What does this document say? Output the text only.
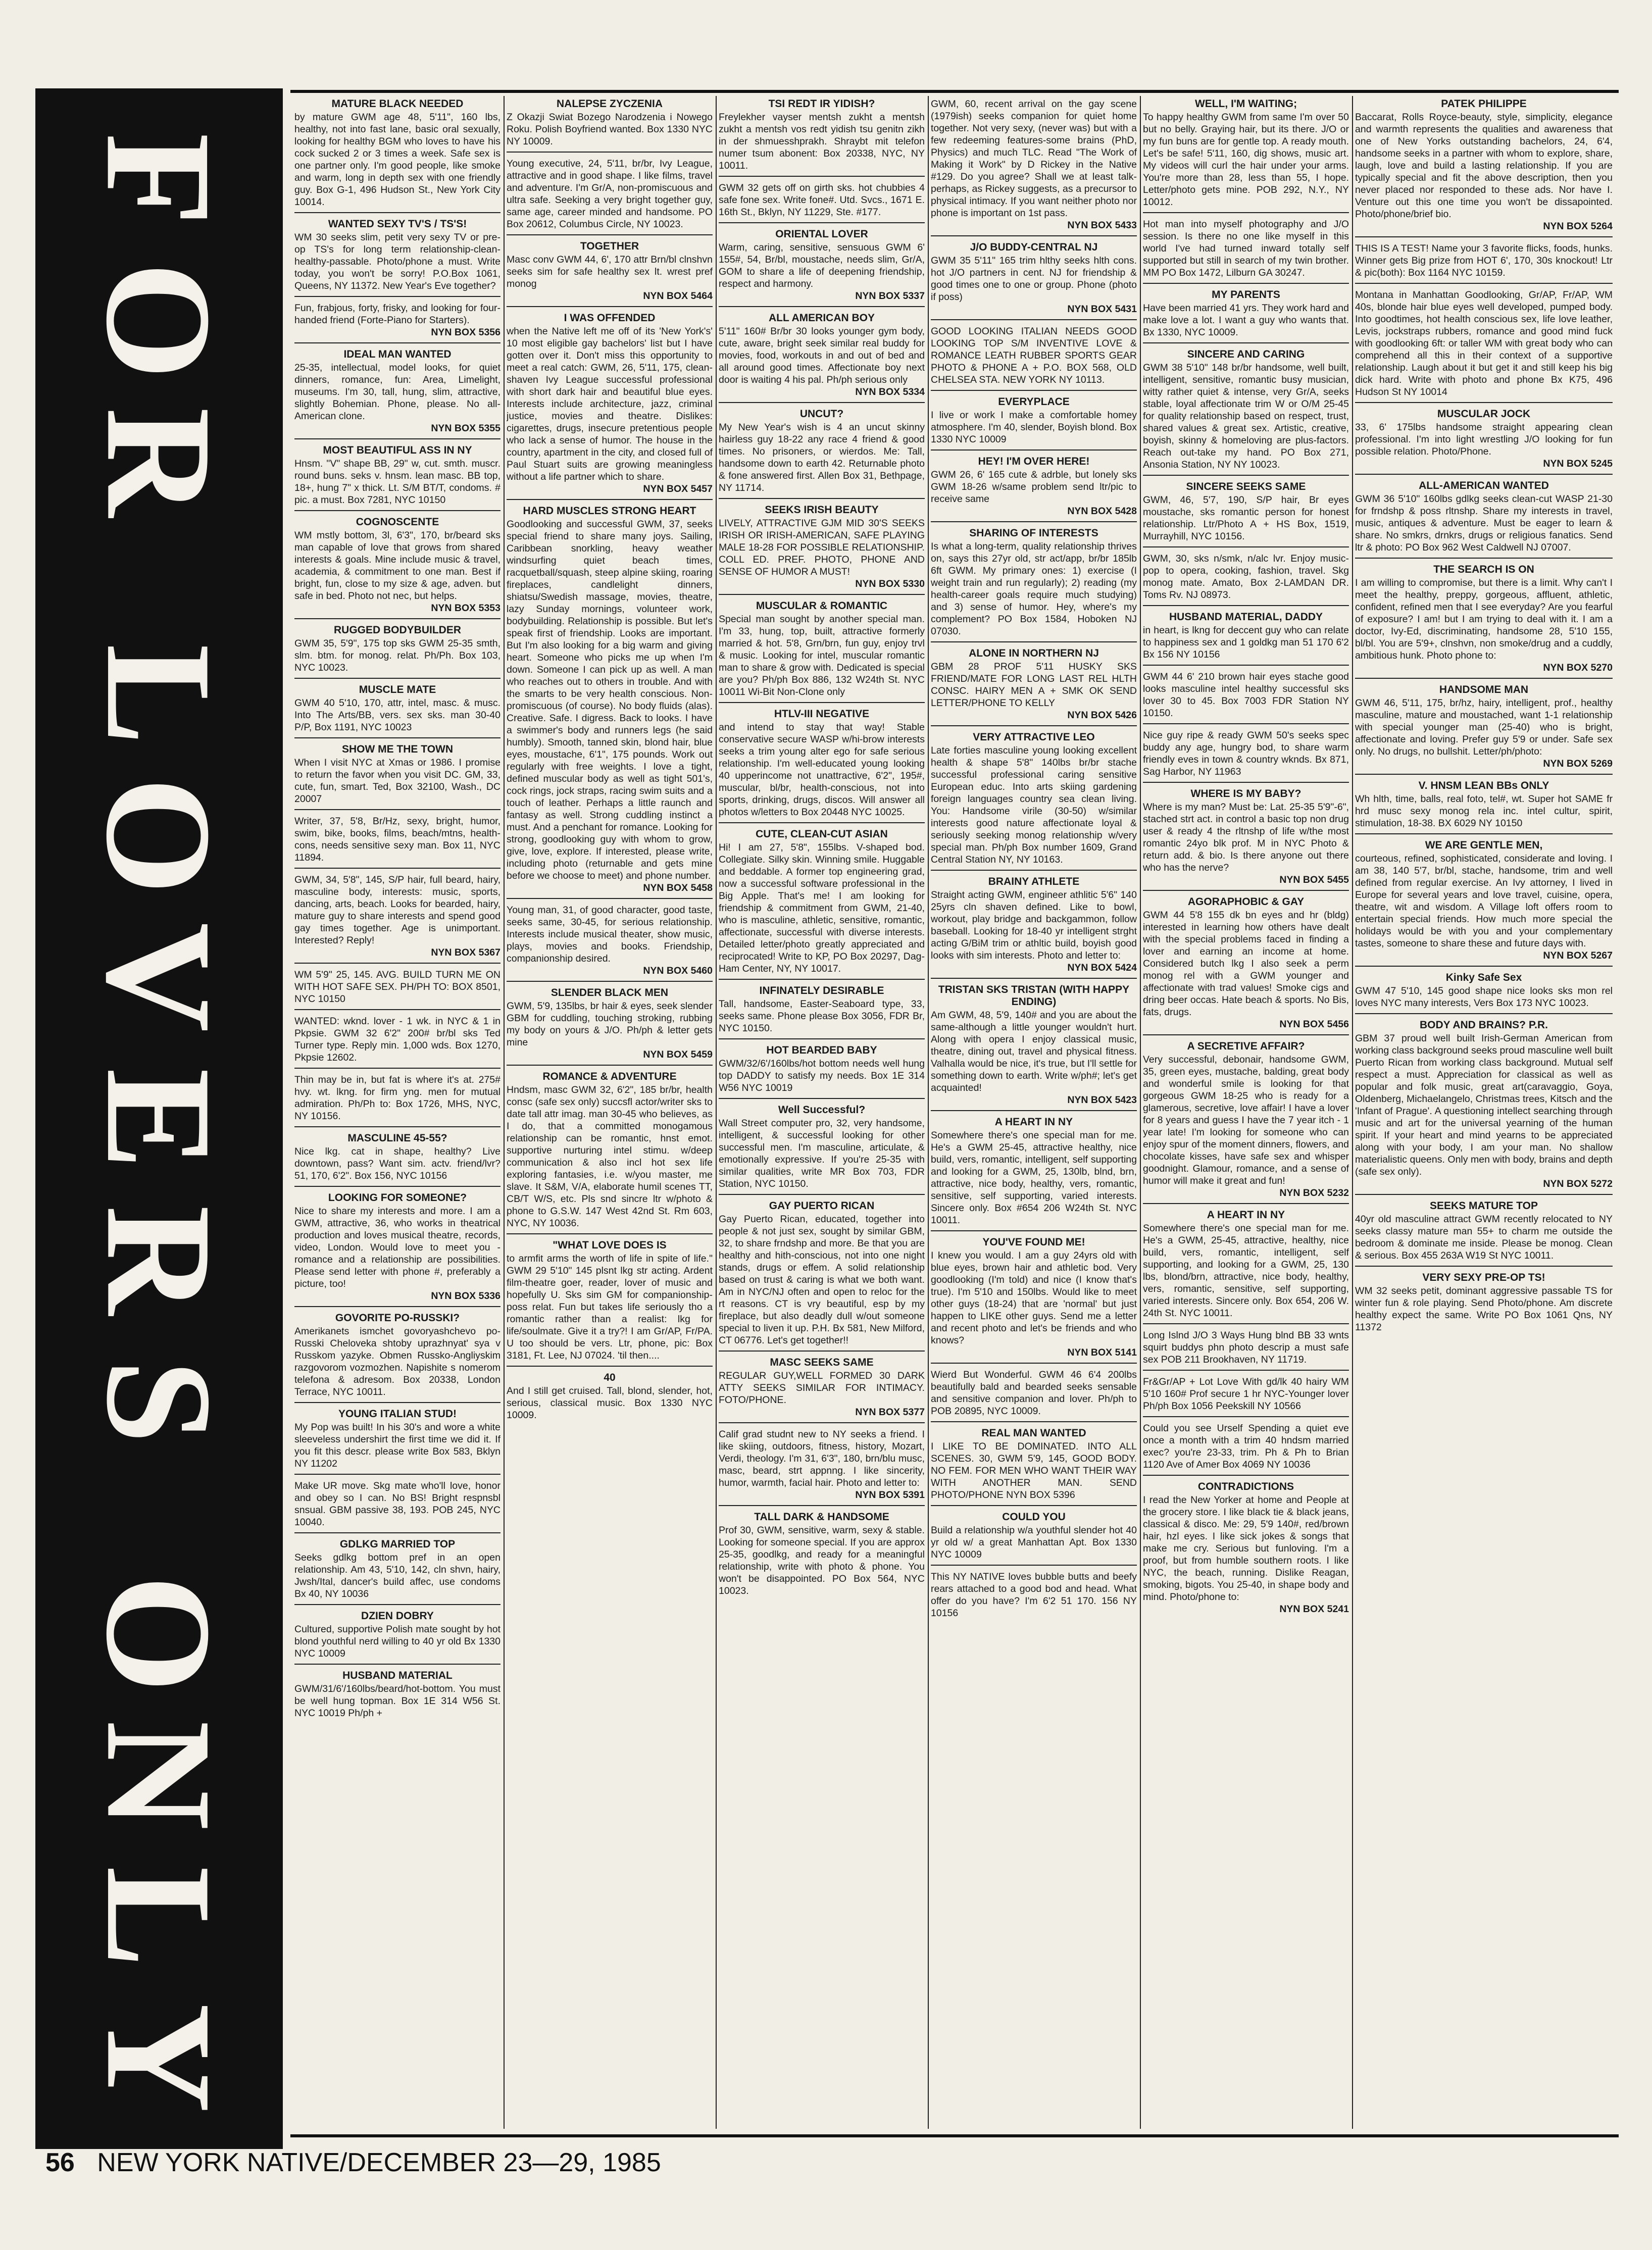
F
O
R
L
O
V
E
R
S
O
N
L
Y
MATURE BLACK NEEDED
by mature GWM age 48, 5'11", 160 lbs, healthy, not into fast lane, basic oral sexually, looking for healthy BGM who loves to have his cock sucked 2 or 3 times a week. Safe sex is one partner only. I'm good people, like smoke and warm, long in depth sex with one friendly guy. Box G-1, 496 Hudson St., New York City 10014.
WANTED SEXY TV'S / TS'S!
WM 30 seeks slim, petit very sexy TV or pre-op TS's for long term relationship-clean-healthy-passable. Photo/phone a must. Write today, you won't be sorry! P.O.Box 1061, Queens, NY 11372. New Year's Eve together?
Fun, frabjous, forty, frisky, and looking for four-handed friend (Forte-Piano for Starters).
NYN BOX 5356
IDEAL MAN WANTED
25-35, intellectual, model looks, for quiet dinners, romance, fun: Area, Limelight, museums. I'm 30, tall, hung, slim, attractive, slightly Bohemian. Phone, please. No all-American clone.
NYN BOX 5355
MOST BEAUTIFUL ASS IN NY
Hnsm. "V" shape BB, 29" w, cut. smth. muscr. round buns. seks v. hnsm. lean masc. BB top, 18+, hung 7" x thick. Lt. S/M BT/T, condoms. # pic. a must. Box 7281, NYC 10150
COGNOSCENTE
WM mstly bottom, 3l, 6'3", 170, br/beard sks man capable of love that grows from shared interests & goals. Mine include music & travel, academia, & commitment to one man. Best if bright, fun, close to my size & age, adven. but safe in bed. Photo not nec, but helps.
NYN BOX 5353
RUGGED BODYBUILDER
GWM 35, 5'9", 175 top sks GWM 25-35 smth, slm. btm. for monog. relat. Ph/Ph. Box 103, NYC 10023.
MUSCLE MATE
GWM 40 5'10, 170, attr, intel, masc. & musc. Into The Arts/BB, vers. sex sks. man 30-40 P/P, Box 1191, NYC 10023
SHOW ME THE TOWN
When I visit NYC at Xmas or 1986. I promise to return the favor when you visit DC. GM, 33, cute, fun, smart. Ted, Box 32100, Wash., DC 20007
Writer, 37, 5'8, Br/Hz, sexy, bright, humor, swim, bike, books, films, beach/mtns, health-cons, needs sensitive sexy man. Box 11, NYC 11894.
GWM, 34, 5'8", 145, S/P hair, full beard, hairy, masculine body, interests: music, sports, dancing, arts, beach. Looks for bearded, hairy, mature guy to share interests and spend good gay times together. Age is unimportant. Interested? Reply!
NYN BOX 5367
WM 5'9" 25, 145. AVG. BUILD TURN ME ON WITH HOT SAFE SEX. PH/PH TO: BOX 8501, NYC 10150
WANTED: wknd. lover - 1 wk. in NYC & 1 in Pkpsie. GWM 32 6'2" 200# br/bl sks Ted Turner type. Reply min. 1,000 wds. Box 1270, Pkpsie 12602.
Thin may be in, but fat is where it's at. 275# hvy. wt. lkng. for firm yng. men for mutual admiration. Ph/Ph to: Box 1726, MHS, NYC, NY 10156.
MASCULINE 45-55?
Nice lkg. cat in shape, healthy? Live downtown, pass? Want sim. actv. friend/lvr? 51, 170, 6'2". Box 156, NYC 10156
LOOKING FOR SOMEONE?
Nice to share my interests and more. I am a GWM, attractive, 36, who works in theatrical production and loves musical theatre, records, video, London. Would love to meet you - romance and a relationship are possibilities. Please send letter with phone #, preferably a picture, too!
NYN BOX 5336
GOVORITE PO-RUSSKI?
Amerikanets ismchet govoryashchevo po-Russki Cheloveka shtoby uprazhnyat' sya v Russkom yazyke. Obmen Russko-Angliyskim razgovorom vozmozhen. Napishite s nomerom telefona & adresom. Box 20338, London Terrace, NYC 10011.
YOUNG ITALIAN STUD!
My Pop was built! In his 30's and wore a white sleeveless undershirt the first time we did it. If you fit this descr. please write Box 583, Bklyn NY 11202
Make UR move. Skg mate who'll love, honor and obey so I can. No BS! Bright respnsbl snsual. GBM passive 38, 193. POB 245, NYC 10040.
GDLKG MARRIED TOP
Seeks gdlkg bottom pref in an open relationship. Am 43, 5'10, 142, cln shvn, hairy, Jwsh/Ital, dancer's build affec, use condoms Bx 40, NY 10036
DZIEN DOBRY
Cultured, supportive Polish mate sought by hot blond youthful nerd willing to 40 yr old Bx 1330 NYC 10009
HUSBAND MATERIAL
GWM/31/6'/160lbs/beard/hot-bottom. You must be well hung topman. Box 1E 314 W56 St. NYC 10019 Ph/ph +
NALEPSE ZYCZENIA
Z Okazji Swiat Bozego Narodzenia i Nowego Roku. Polish Boyfriend wanted. Box 1330 NYC NY 10009.
Young executive, 24, 5'11, br/br, Ivy League, attractive and in good shape. I like films, travel and adventure. I'm Gr/A, non-promiscuous and ultra safe. Seeking a very bright together guy, same age, career minded and handsome. PO Box 20612, Columbus Circle, NY 10023.
TOGETHER
Masc conv GWM 44, 6', 170 attr Brn/bl clnshvn seeks sim for safe healthy sex lt. wrest pref monog
NYN BOX 5464
I WAS OFFENDED
when the Native left me off of its 'New York's' 10 most eligible gay bachelors' list but I have gotten over it. Don't miss this opportunity to meet a real catch: GWM, 26, 5'11, 175, clean-shaven Ivy League successful professional with short dark hair and beautiful blue eyes. Interests include architecture, jazz, criminal justice, movies and theatre. Dislikes: cigarettes, drugs, insecure pretentious people who lack a sense of humor. The house in the country, apartment in the city, and closed full of Paul Stuart suits are growing meaningless without a life partner which to share.
NYN BOX 5457
HARD MUSCLES STRONG HEART
Goodlooking and successful GWM, 37, seeks special friend to share many joys. Sailing, Caribbean snorkling, heavy weather windsurfing quiet beach times, racquetball/squash, steep alpine skiing, roaring fireplaces, candlelight dinners, shiatsu/Swedish massage, movies, theatre, lazy Sunday mornings, volunteer work, bodybuilding. Relationship is possible. But let's speak first of friendship. Looks are important. But I'm also looking for a big warm and giving heart. Someone who picks me up when I'm down. Someone I can pick up as well. A man who reaches out to others in trouble. And with the smarts to be very health conscious. Non-promiscuous (of course). No body fluids (alas). Creative. Safe. I digress. Back to looks. I have a swimmer's body and runners legs (he said humbly). Smooth, tanned skin, blond hair, blue eyes, moustache, 6'1", 175 pounds. Work out regularly with free weights. I love a tight, defined muscular body as well as tight 501's, cock rings, jock straps, racing swim suits and a touch of leather. Perhaps a little raunch and fantasy as well. Strong cuddling instinct a must. And a penchant for romance. Looking for strong, goodlooking guy with whom to grow, give, love, explore. If interested, please write, including photo (returnable and gets mine before we choose to meet) and phone number.
NYN BOX 5458
Young man, 31, of good character, good taste, seeks same, 30-45, for serious relationship. Interests include musical theater, show music, plays, movies and books. Friendship, companionship desired.
NYN BOX 5460
SLENDER BLACK MEN
GWM, 5'9, 135lbs, br hair & eyes, seek slender GBM for cuddling, touching stroking, rubbing my body on yours & J/O. Ph/ph & letter gets mine
NYN BOX 5459
ROMANCE & ADVENTURE
Hndsm, masc GWM 32, 6'2", 185 br/br, health consc (safe sex only) succsfl actor/writer sks to date tall attr imag. man 30-45 who believes, as I do, that a committed monogamous relationship can be romantic, hnst emot. supportive nurturing intel stimu. w/deep communication & also incl hot sex life exploring fantasies, i.e. w/you master, me slave. It S&M, V/A, elaborate humil scenes TT, CB/T W/S, etc. Pls snd sincre ltr w/photo & phone to G.S.W. 147 West 42nd St. Rm 603, NYC, NY 10036.
"WHAT LOVE DOES IS
to armfit arms the worth of life in spite of life." GWM 29 5'10" 145 plsnt lkg str acting. Ardent film-theatre goer, reader, lover of music and hopefully U. Sks sim GM for companionship-poss relat. Fun but takes life seriously tho a romantic rather than a realist: lkg for life/soulmate. Give it a try?! I am Gr/AP, Fr/PA. U too should be vers. Ltr, phone, pic: Box 3181, Ft. Lee, NJ 07024. 'til then....
40
And I still get cruised. Tall, blond, slender, hot, serious, classical music. Box 1330 NYC 10009.
TSI REDT IR YIDISH?
Freylekher vayser mentsh zukht a mentsh zukht a mentsh vos redt yidish tsu genitn zikh in der shmuesshprakh. Shraybt mit telefon numer tsum abonent: Box 20338, NYC, NY 10011.
GWM 32 gets off on girth sks. hot chubbies 4 safe fone sex. Write fone#. Utd. Svcs., 1671 E. 16th St., Bklyn, NY 11229, Ste. #177.
ORIENTAL LOVER
Warm, caring, sensitive, sensuous GWM 6' 155#, 54, Br/bl, moustache, needs slim, Gr/A, GOM to share a life of deepening friendship, respect and harmony.
NYN BOX 5337
ALL AMERICAN BOY
5'11" 160# Br/br 30 looks younger gym body, cute, aware, bright seek similar real buddy for movies, food, workouts in and out of bed and all around good times. Affectionate boy next door is waiting 4 his pal. Ph/ph serious only
NYN BOX 5334
UNCUT?
My New Year's wish is 4 an uncut skinny hairless guy 18-22 any race 4 friend & good times. No prisoners, or wierdos. Me: Tall, handsome down to earth 42. Returnable photo & fone answered first. Allen Box 31, Bethpage, NY 11714.
SEEKS IRISH BEAUTY
LIVELY, ATTRACTIVE GJM MID 30'S SEEKS IRISH OR IRISH-AMERICAN, SAFE PLAYING MALE 18-28 FOR POSSIBLE RELATIONSHIP. COLL ED. PREF. PHOTO, PHONE AND SENSE OF HUMOR A MUST!
NYN BOX 5330
MUSCULAR & ROMANTIC
Special man sought by another special man. I'm 33, hung, top, built, attractive formerly married & hot. 5'8, Grn/brn, fun guy, enjoy trvl & music. Looking for intel, muscular romantic man to share & grow with. Dedicated is special are you? Ph/ph Box 886, 132 W24th St. NYC 10011 Wi-Bit Non-Clone only
HTLV-III NEGATIVE
and intend to stay that way! Stable conservative secure WASP w/hi-brow interests seeks a trim young alter ego for safe serious relationship. I'm well-educated young looking 40 upperincome not unattractive, 6'2", 195#, muscular, bl/br, health-conscious, not into sports, drinking, drugs, discos. Will answer all photos w/letters to Box 20448 NYC 10025.
CUTE, CLEAN-CUT ASIAN
Hi! I am 27, 5'8", 155lbs. V-shaped bod. Collegiate. Silky skin. Winning smile. Huggable and beddable. A former top engineering grad, now a successful software professional in the Big Apple. That's me! I am looking for friendship & commitment from GWM, 21-40, who is masculine, athletic, sensitive, romantic, affectionate, successful with diverse interests. Detailed letter/photo greatly appreciated and reciprocated! Write to KP, PO Box 20297, Dag-Ham Center, NY, NY 10017.
INFINATELY DESIRABLE
Tall, handsome, Easter-Seaboard type, 33, seeks same. Phone please Box 3056, FDR Br, NYC 10150.
HOT BEARDED BABY
GWM/32/6'/160lbs/hot bottom needs well hung top DADDY to satisfy my needs. Box 1E 314 W56 NYC 10019
Well Successful?
Wall Street computer pro, 32, very handsome, intelligent, & successful looking for other successful men. I'm masculine, articulate, & emotionally expressive. If you're 25-35 with similar qualities, write MR Box 703, FDR Station, NYC 10150.
GAY PUERTO RICAN
Gay Puerto Rican, educated, together into people & not just sex, sought by similar GBM, 32, to share frndshp and more. Be that you are healthy and hith-conscious, not into one night stands, drugs or effem. A solid relationship based on trust & caring is what we both want. Am in NYC/NJ often and open to reloc for the rt reasons. CT is vry beautiful, esp by my fireplace, but also deadly dull w/out someone special to liven it up. P.H. Bx 581, New Milford, CT 06776. Let's get together!!
MASC SEEKS SAME
REGULAR GUY,WELL FORMED 30 DARK ATTY SEEKS SIMILAR FOR INTIMACY. FOTO/PHONE.
NYN BOX 5377
Calif grad studnt new to NY seeks a friend. I like skiing, outdoors, fitness, history, Mozart, Verdi, theology. I'm 31, 6'3", 180, brn/blu musc, masc, beard, strt appnng. I like sincerity, humor, warmth, facial hair. Photo and letter to:
NYN BOX 5391
TALL DARK & HANDSOME
Prof 30, GWM, sensitive, warm, sexy & stable. Looking for someone special. If you are approx 25-35, goodlkg, and ready for a meaningful relationship, write with photo & phone. You won't be disappointed. PO Box 564, NYC 10023.
GWM, 60, recent arrival on the gay scene (1979ish) seeks companion for quiet home together. Not very sexy, (never was) but with a few redeeming features-some brains (PhD, Physics) and much TLC. Read "The Work of Making it Work" by D Rickey in the Native #129. Do you agree? Shall we at least talk-perhaps, as Rickey suggests, as a precursor to physical intimacy. If you want neither photo nor phone is important on 1st pass.
NYN BOX 5433
J/O BUDDY-CENTRAL NJ
GWM 35 5'11" 165 trim hlthy seeks hlth cons. hot J/O partners in cent. NJ for friendship & good times one to one or group. Phone (photo if poss)
NYN BOX 5431
GOOD LOOKING ITALIAN NEEDS GOOD LOOKING TOP S/M INVENTIVE LOVE & ROMANCE LEATH RUBBER SPORTS GEAR PHOTO & PHONE A + P.O. BOX 568, OLD CHELSEA STA. NEW YORK NY 10113.
EVERYPLACE
I live or work I make a comfortable homey atmosphere. I'm 40, slender, Boyish blond. Box 1330 NYC 10009
HEY! I'M OVER HERE!
GWM 26, 6' 165 cute & adrble, but lonely sks GWM 18-26 w/same problem send ltr/pic to receive same
NYN BOX 5428
SHARING OF INTERESTS
Is what a long-term, quality relationship thrives on, says this 27yr old, str act/app, br/br 185lb 6ft GWM. My primary ones: 1) exercise (I weight train and run regularly); 2) reading (my health-career goals require much studying) and 3) sense of humor. Hey, where's my complement? PO Box 1584, Hoboken NJ 07030.
ALONE IN NORTHERN NJ
GBM 28 PROF 5'11 HUSKY SKS FRIEND/MATE FOR LONG LAST REL HLTH CONSC. HAIRY MEN A + SMK OK SEND LETTER/PHONE TO KELLY
NYN BOX 5426
VERY ATTRACTIVE LEO
Late forties masculine young looking excellent health & shape 5'8" 140lbs br/br stache successful professional caring sensitive European educ. Into arts skiing gardening foreign languages country sea clean living. You: Handsome virile (30-50) w/similar interests good nature affectionate loyal & seriously seeking monog relationship w/very special man. Ph/ph Box number 1609, Grand Central Station NY, NY 10163.
BRAINY ATHLETE
Straight acting GWM, engineer athlitic 5'6" 140 25yrs cln shaven defined. Like to bowl, workout, play bridge and backgammon, follow baseball. Looking for 18-40 yr intelligent strght acting G/BiM trim or athltic build, boyish good looks with sim interests. Photo and letter to:
NYN BOX 5424
TRISTAN SKS TRISTAN (WITH HAPPY ENDING)
Am GWM, 48, 5'9, 140# and you are about the same-although a little younger wouldn't hurt. Along with opera I enjoy classical music, theatre, dining out, travel and physical fitness. Valhalla would be nice, it's true, but I'll settle for something down to earth. Write w/ph#; let's get acquainted!
NYN BOX 5423
A HEART IN NY
Somewhere there's one special man for me. He's a GWM 25-45, attractive healthy, nice build, vers, romantic, intelligent, self supporting and looking for a GWM, 25, 130lb, blnd, brn, attractive, nice body, healthy, vers, romantic, sensitive, self supporting, varied interests. Sincere only. Box #654 206 W24th St. NYC 10011.
YOU'VE FOUND ME!
I knew you would. I am a guy 24yrs old with blue eyes, brown hair and athletic bod. Very goodlooking (I'm told) and nice (I know that's true). I'm 5'10 and 150lbs. Would like to meet other guys (18-24) that are 'normal' but just happen to LIKE other guys. Send me a letter and recent photo and let's be friends and who knows?
NYN BOX 5141
Wierd But Wonderful. GWM 46 6'4 200lbs beautifully bald and bearded seeks sensable and sensitive companion and lover. Ph/ph to POB 20895, NYC 10009.
REAL MAN WANTED
I LIKE TO BE DOMINATED. INTO ALL SCENES. 30, GWM 5'9, 145, GOOD BODY. NO FEM. FOR MEN WHO WANT THEIR WAY WITH ANOTHER MAN. SEND PHOTO/PHONE NYN BOX 5396
COULD YOU
Build a relationship w/a youthful slender hot 40 yr old w/ a great Manhattan Apt. Box 1330 NYC 10009
This NY NATIVE loves bubble butts and beefy rears attached to a good bod and head. What offer do you have? I'm 6'2 51 170. 156 NY 10156
WELL, I'M WAITING;
To happy healthy GWM from same I'm over 50 but no belly. Graying hair, but its there. J/O or my fun buns are for gentle top. A ready mouth. Let's be safe! 5'11, 160, dig shows, music art. My videos will curl the hair under your arms. You're more than 28, less than 55, I hope. Letter/photo gets mine. POB 292, N.Y., NY 10012.
Hot man into myself photography and J/O session. Is there no one like myself in this world I've had turned inward totally self supported but still in search of my twin brother. MM PO Box 1472, Lilburn GA 30247.
MY PARENTS
Have been married 41 yrs. They work hard and make love a lot. I want a guy who wants that. Bx 1330, NYC 10009.
SINCERE AND CARING
GWM 38 5'10" 148 br/br handsome, well built, intelligent, sensitive, romantic busy musician, witty rather quiet & intense, very Gr/A, seeks stable, loyal affectionate trim W or O/M 25-45 for quality relationship based on respect, trust, shared values & great sex. Artistic, creative, boyish, skinny & homeloving are plus-factors. Reach out-take my hand. PO Box 271, Ansonia Station, NY NY 10023.
SINCERE SEEKS SAME
GWM, 46, 5'7, 190, S/P hair, Br eyes moustache, sks romantic person for honest relationship. Ltr/Photo A + HS Box, 1519, Murrayhill, NYC 10156.
GWM, 30, sks n/smk, n/alc lvr. Enjoy music-pop to opera, cooking, fashion, travel. Skg monog mate. Amato, Box 2-LAMDAN DR. Toms Rv. NJ 08973.
HUSBAND MATERIAL, DADDY
in heart, is lkng for deccent guy who can relate to happiness sex and 1 goldkg man 51 170 6'2 Bx 156 NY 10156
GWM 44 6' 210 brown hair eyes stache good looks masculine intel healthy successful sks lover 30 to 45. Box 7003 FDR Station NY 10150.
Nice guy ripe & ready GWM 50's seeks spec buddy any age, hungry bod, to share warm friendly eves in town & country wknds. Bx 871, Sag Harbor, NY 11963
WHERE IS MY BABY?
Where is my man? Must be: Lat. 25-35 5'9"-6", stached strt act. in control a basic top non drug user & ready 4 the rltnshp of life w/the most romantic 24yo blk prof. M in NYC Photo & return add. & bio. Is there anyone out there who has the nerve?
NYN BOX 5455
AGORAPHOBIC & GAY
GWM 44 5'8 155 dk bn eyes and hr (bldg) interested in learning how others have dealt with the special problems faced in finding a lover and earning an income at home. Considered butch lkg I also seek a perm monog rel with a GWM younger and affectionate with trad values! Smoke cigs and dring beer occas. Hate beach & sports. No Bis, fats, drugs.
NYN BOX 5456
A SECRETIVE AFFAIR?
Very successful, debonair, handsome GWM, 35, green eyes, mustache, balding, great body and wonderful smile is looking for that gorgeous GWM 18-25 who is ready for a glamerous, secretive, love affair! I have a lover for 8 years and guess I have the 7 year itch - 1 year late! I'm looking for someone who can enjoy spur of the moment dinners, flowers, and chocolate kisses, have safe sex and whisper goodnight. Glamour, romance, and a sense of humor will make it great and fun!
NYN BOX 5232
A HEART IN NY
Somewhere there's one special man for me. He's a GWM, 25-45, attractive, healthy, nice build, vers, romantic, intelligent, self supporting, and looking for a GWM, 25, 130 lbs, blond/brn, attractive, nice body, healthy, vers, romantic, sensitive, self supporting, varied interests. Sincere only. Box 654, 206 W. 24th St. NYC 10011.
Long Islnd J/O 3 Ways Hung blnd BB 33 wnts squirt buddys phn photo descrip a must safe sex POB 211 Brookhaven, NY 11719.
Fr&Gr/AP + Lot Love With gd/lk 40 hairy WM 5'10 160# Prof secure 1 hr NYC-Younger lover Ph/ph Box 1056 Peekskill NY 10566
Could you see Urself Spending a quiet eve once a month with a trim 40 hndsm married exec? you're 23-33, trim. Ph & Ph to Brian 1120 Ave of Amer Box 4069 NY 10036
CONTRADICTIONS
I read the New Yorker at home and People at the grocery store. I like black tie & black jeans, classical & disco. Me: 29, 5'9 140#, red/brown hair, hzl eyes. I like sick jokes & songs that make me cry. Serious but funloving. I'm a proof, but from humble southern roots. I like NYC, the beach, running. Dislike Reagan, smoking, bigots. You 25-40, in shape body and mind. Photo/phone to:
NYN BOX 5241
PATEK PHILIPPE
Baccarat, Rolls Royce-beauty, style, simplicity, elegance and warmth represents the qualities and awareness that one of New Yorks outstanding bachelors, 24, 6'4, handsome seeks in a partner with whom to explore, share, laugh, love and build a lasting relationship. If you are typically special and fit the above description, then you never placed nor responded to these ads. Nor have I. Venture out this one time you won't be dissapointed. Photo/phone/brief bio.
NYN BOX 5264
THIS IS A TEST! Name your 3 favorite flicks, foods, hunks. Winner gets Big prize from HOT 6', 170, 30s knockout! Ltr & pic(both): Box 1164 NYC 10159.
Montana in Manhattan Goodlooking, Gr/AP, Fr/AP, WM 40s, blonde hair blue eyes well developed, pumped body. Into goodtimes, hot health conscious sex, life love leather, Levis, jockstraps rubbers, romance and good mind fuck with goodlooking 6ft: or taller WM with great body who can comprehend all this in their context of a supportive relationship. Laugh about it but get it and still keep his big dick hard. Write with photo and phone Bx K75, 496 Hudson St NY 10014
MUSCULAR JOCK
33, 6' 175lbs handsome straight appearing clean professional. I'm into light wrestling J/O looking for fun possible relation. Photo/Phone.
NYN BOX 5245
ALL-AMERICAN WANTED
GWM 36 5'10" 160lbs gdlkg seeks clean-cut WASP 21-30 for frndshp & poss rltnshp. Share my interests in travel, music, antiques & adventure. Must be eager to learn & share. No smkrs, drnkrs, drugs or religious fanatics. Send ltr & photo: PO Box 962 West Caldwell NJ 07007.
THE SEARCH IS ON
I am willing to compromise, but there is a limit. Why can't I meet the healthy, preppy, gorgeous, affluent, athletic, confident, refined men that I see everyday? Are you fearful of exposure? I am! but I am trying to deal with it. I am a doctor, Ivy-Ed, discriminating, handsome 28, 5'10 155, bl/bl. You are 5'9+, clnshvn, non smoke/drug and a cuddly, ambitious hunk. Photo phone to:
NYN BOX 5270
HANDSOME MAN
GWM 46, 5'11, 175, br/hz, hairy, intelligent, prof., healthy masculine, mature and moustached, want 1-1 relationship with special younger man (25-40) who is bright, affectionate and loving. Prefer guy 5'9 or under. Safe sex only. No drugs, no bullshit. Letter/ph/photo:
NYN BOX 5269
V. HNSM LEAN BBs ONLY
Wh hlth, time, balls, real foto, tel#, wt. Super hot SAME fr hrd musc sexy monog rela inc. intel cultur, spirit, stimulation, 18-38. BX 6029 NY 10150
WE ARE GENTLE MEN,
courteous, refined, sophisticated, considerate and loving. I am 38, 140 5'7, br/bl, stache, handsome, trim and well defined from regular exercise. An Ivy attorney, I lived in Europe for several years and love travel, cuisine, opera, theatre, wit and wisdom. A Village loft offers room to entertain special friends. How much more special the holidays would be with you and your complementary tastes, someone to share these and future days with.
NYN BOX 5267
Kinky Safe Sex
GWM 47 5'10, 145 good shape nice looks sks mon rel loves NYC many interests, Vers Box 173 NYC 10023.
BODY AND BRAINS? P.R.
GBM 37 proud well built Irish-German American from working class background seeks proud masculine well built Puerto Rican from working class background. Mutual self respect a must. Appreciation for classical as well as popular and folk music, great art(caravaggio, Goya, Oldenberg, Michaelangelo, Christmas trees, Kitsch and the 'Infant of Prague'. A questioning intellect searching through music and art for the universal yearning of the human spirit. If your heart and mind yearns to be appreciated along with your body, I am your man. No shallow materialistic queens. Only men with body, brains and depth (safe sex only).
NYN BOX 5272
SEEKS MATURE TOP
40yr old masculine attract GWM recently relocated to NY seeks classy mature man 55+ to charm me outside the bedroom & dominate me inside. Please be monog. Clean & serious. Box 455 263A W19 St NYC 10011.
VERY SEXY PRE-OP TS!
WM 32 seeks petit, dominant aggressive passable TS for winter fun & role playing. Send Photo/phone. Am discrete healthy expect the same. Write PO Box 1061 Qns, NY 11372
56 NEW YORK NATIVE/DECEMBER 23—29, 1985
